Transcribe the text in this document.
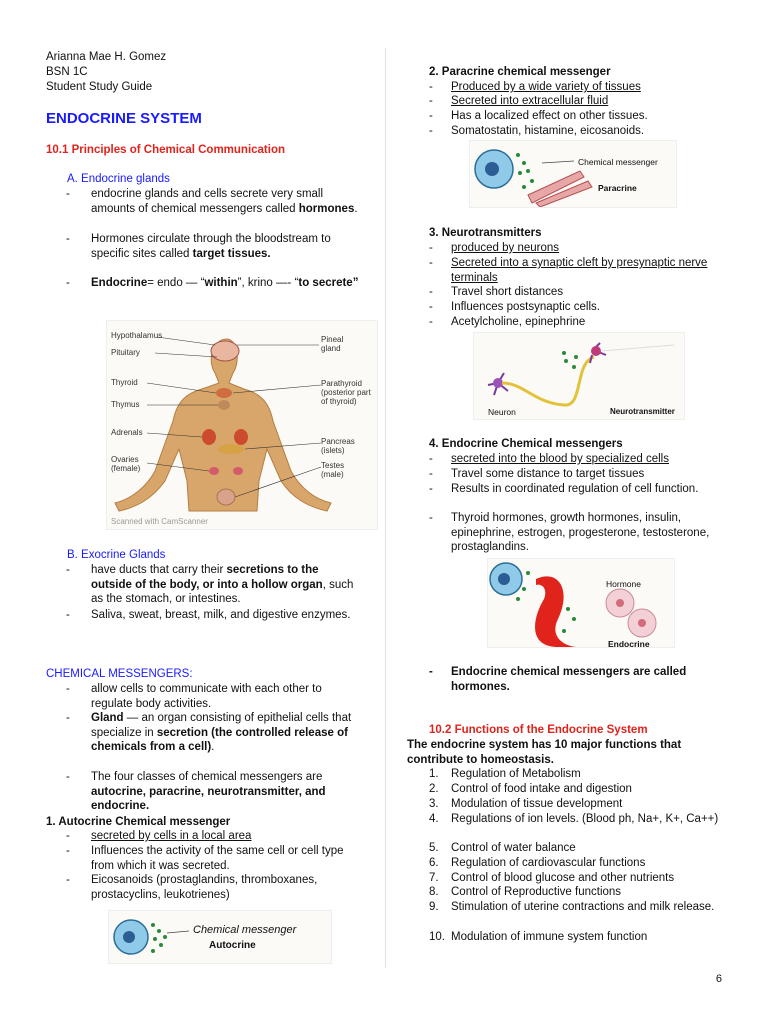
Arianna Mae H. Gomez
BSN 1C
Student Study Guide
ENDOCRINE SYSTEM
10.1 Principles of Chemical Communication
A. Endocrine glands
- endocrine glands and cells secrete very small amounts of chemical messengers called hormones.
- Hormones circulate through the bloodstream to specific sites called target tissues.
- Endocrine= endo — “within”, krino —- “to secrete”
Hypothalamus
Pituitary
Thyroid
Thymus
Adrenals
Ovaries (female)
Pineal gland
Parathyroid (posterior part of thyroid)
Pancreas (islets)
Testes (male)
Scanned with CamScanner
B. Exocrine Glands
- have ducts that carry their secretions to the outside of the body, or into a hollow organ, such as the stomach, or intestines.
- Saliva, sweat, breast, milk, and digestive enzymes.
CHEMICAL MESSENGERS:
- allow cells to communicate with each other to regulate body activities.
- Gland — an organ consisting of epithelial cells that specialize in secretion (the controlled release of chemicals from a cell).
- The four classes of chemical messengers are autocrine, paracrine, neurotransmitter, and endocrine.
1. Autocrine Chemical messenger
- secreted by cells in a local area
- Influences the activity of the same cell or cell type from which it was secreted.
- Eicosanoids (prostaglandins, thromboxanes, prostacyclins, leukotrienes)
Chemical messenger
Autocrine
2. Paracrine chemical messenger
- Produced by a wide variety of tissues
- Secreted into extracellular fluid
- Has a localized effect on other tissues.
- Somatostatin, histamine, eicosanoids.
Chemical messenger
Paracrine
3. Neurotransmitters
- produced by neurons
- Secreted into a synaptic cleft by presynaptic nerve terminals
- Travel short distances
- Influences postsynaptic cells.
- Acetylcholine, epinephrine
Neuron	Neurotransmitter
4. Endocrine Chemical messengers
- secreted into the blood by specialized cells
- Travel some distance to target tissues
- Results in coordinated regulation of cell function.
- Thyroid hormones, growth hormones, insulin, epinephrine, estrogen, progesterone, testosterone, prostaglandins.
Hormone
Endocrine
- Endocrine chemical messengers are called hormones.
10.2 Functions of the Endocrine System
The endocrine system has 10 major functions that contribute to homeostasis.
1. Regulation of Metabolism
2. Control of food intake and digestion
3. Modulation of tissue development
4. Regulations of ion levels. (Blood ph, Na+, K+, Ca++)
5. Control of water balance
6. Regulation of cardiovascular functions
7. Control of blood glucose and other nutrients
8. Control of Reproductive functions
9. Stimulation of uterine contractions and milk release.
10. Modulation of immune system function
6
